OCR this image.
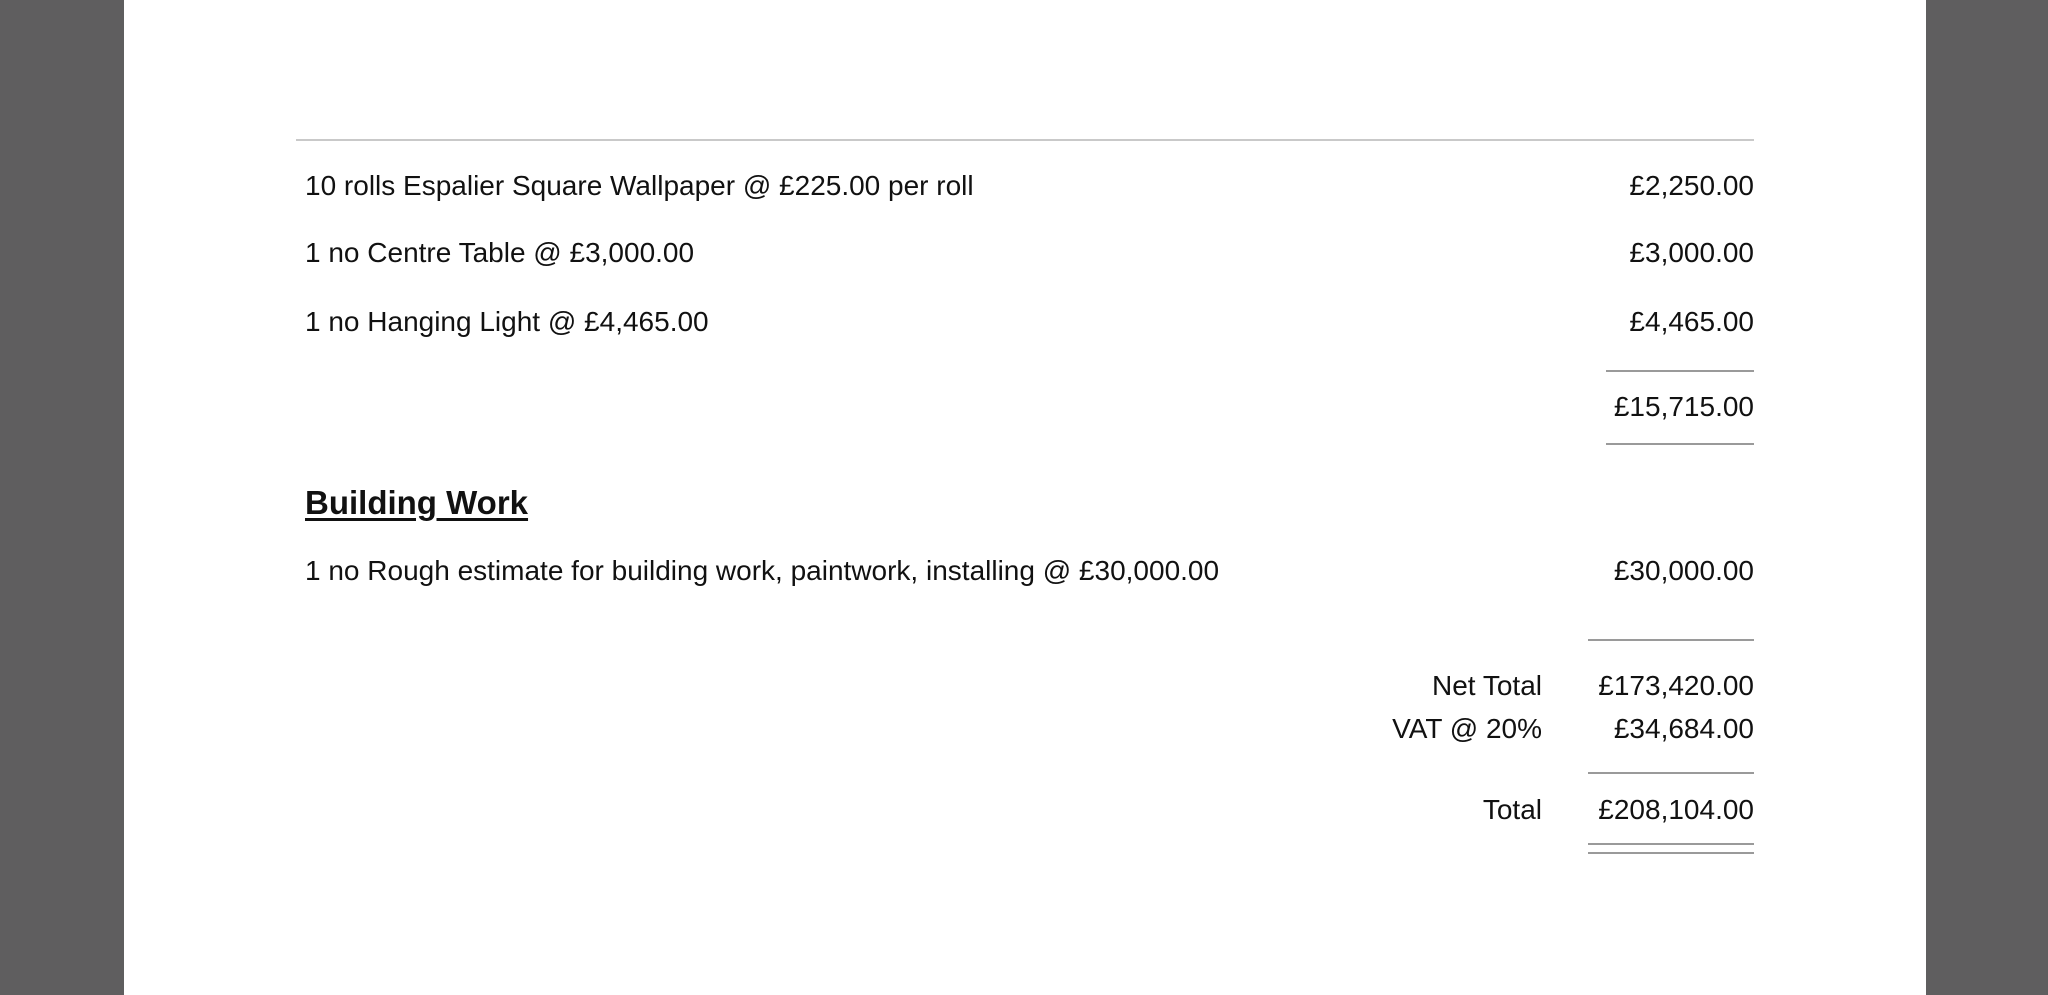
10 rolls Espalier Square Wallpaper @ £225.00 per roll	£2,250.00
1 no Centre Table @ £3,000.00	£3,000.00
1 no Hanging Light @ £4,465.00	£4,465.00
£15,715.00
Building Work
1 no Rough estimate for building work, paintwork, installing @ £30,000.00	£30,000.00
Net Total £173,420.00
VAT @ 20%	£34,684.00
Total £208,104.00
